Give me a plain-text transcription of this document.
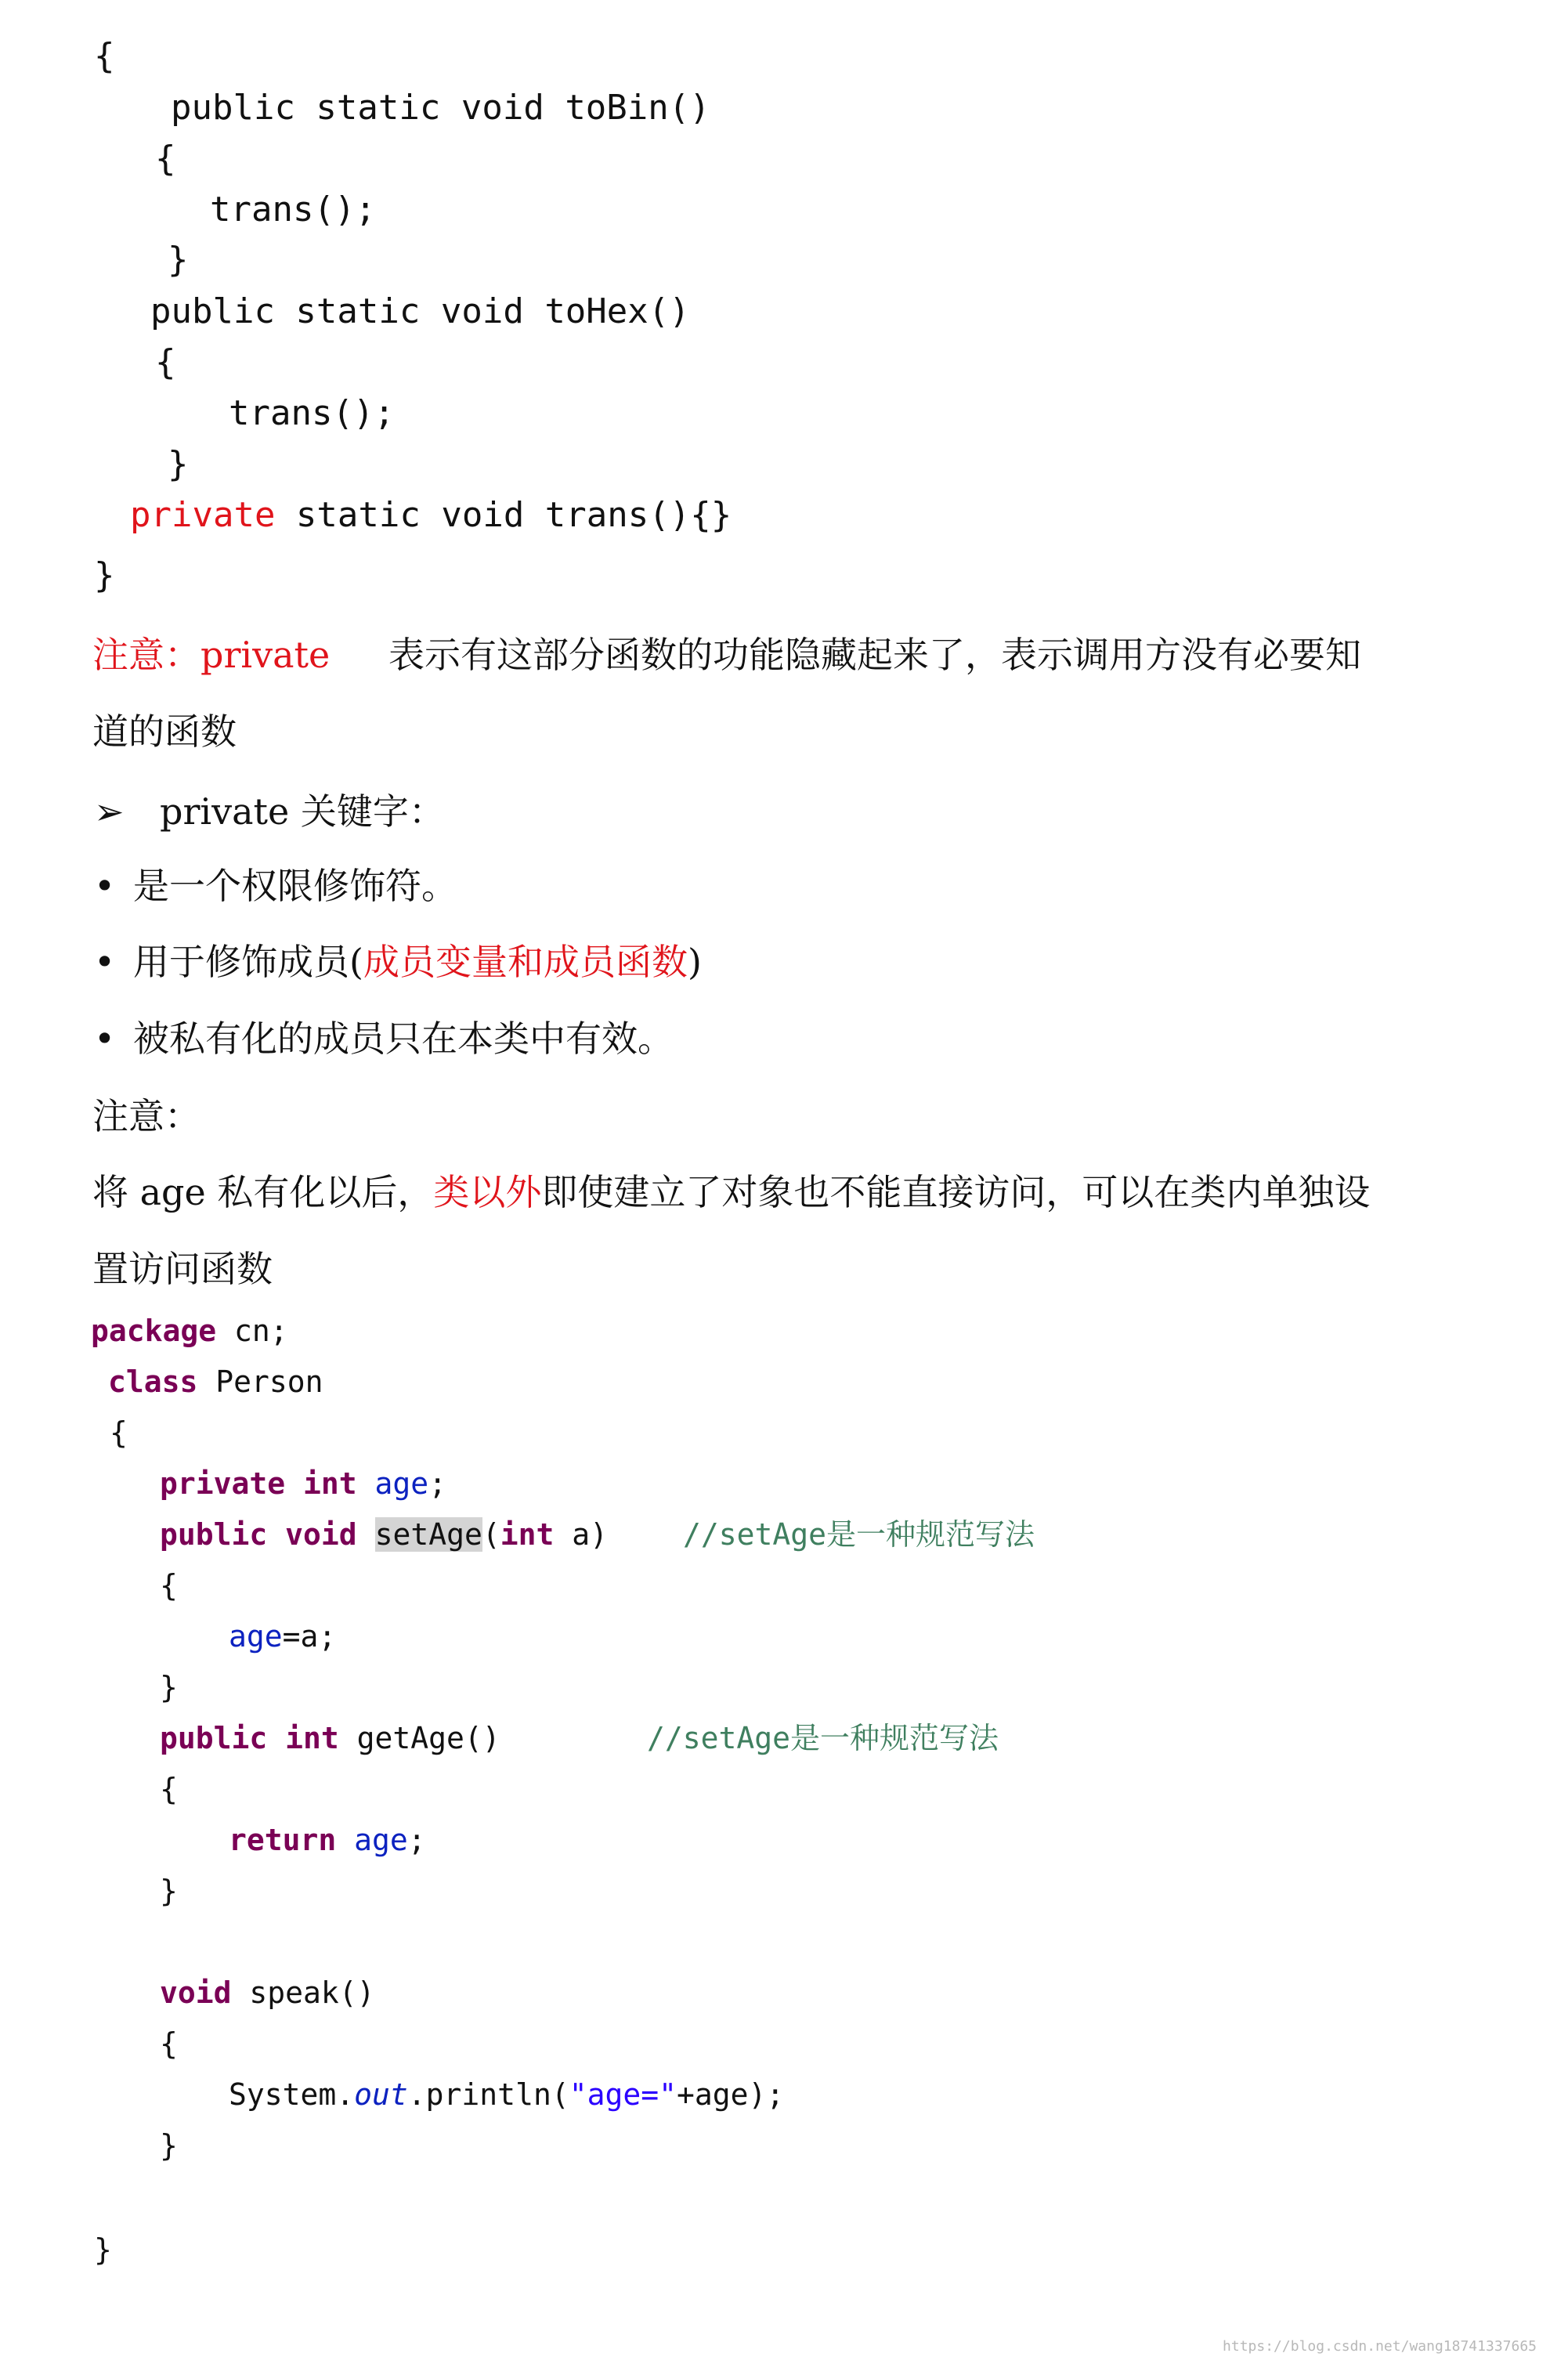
{
public static void toBin()
{
trans();
}
public static void toHex()
{
trans();
}
private static void trans(){}
}
注意：private 表示有这部分函数的功能隐藏起来了，表示调用方没有必要知
道的函数
➢ private 关键字：
• 是一个权限修饰符。
• 用于修饰成员(成员变量和成员函数)
• 被私有化的成员只在本类中有效。
注意：
将 age 私有化以后，类以外即使建立了对象也不能直接访问，可以在类内单独设
置访问函数
package cn;
class Person
{
private int age;
public void setAge(int a)	//setAge是一种规范写法
{
age=a;
}
public int getAge()	//setAge是一种规范写法
{
return age;
}
void speak()
{
System.out.println("age="+age);
}
}
https://blog.csdn.net/wang18741337665
